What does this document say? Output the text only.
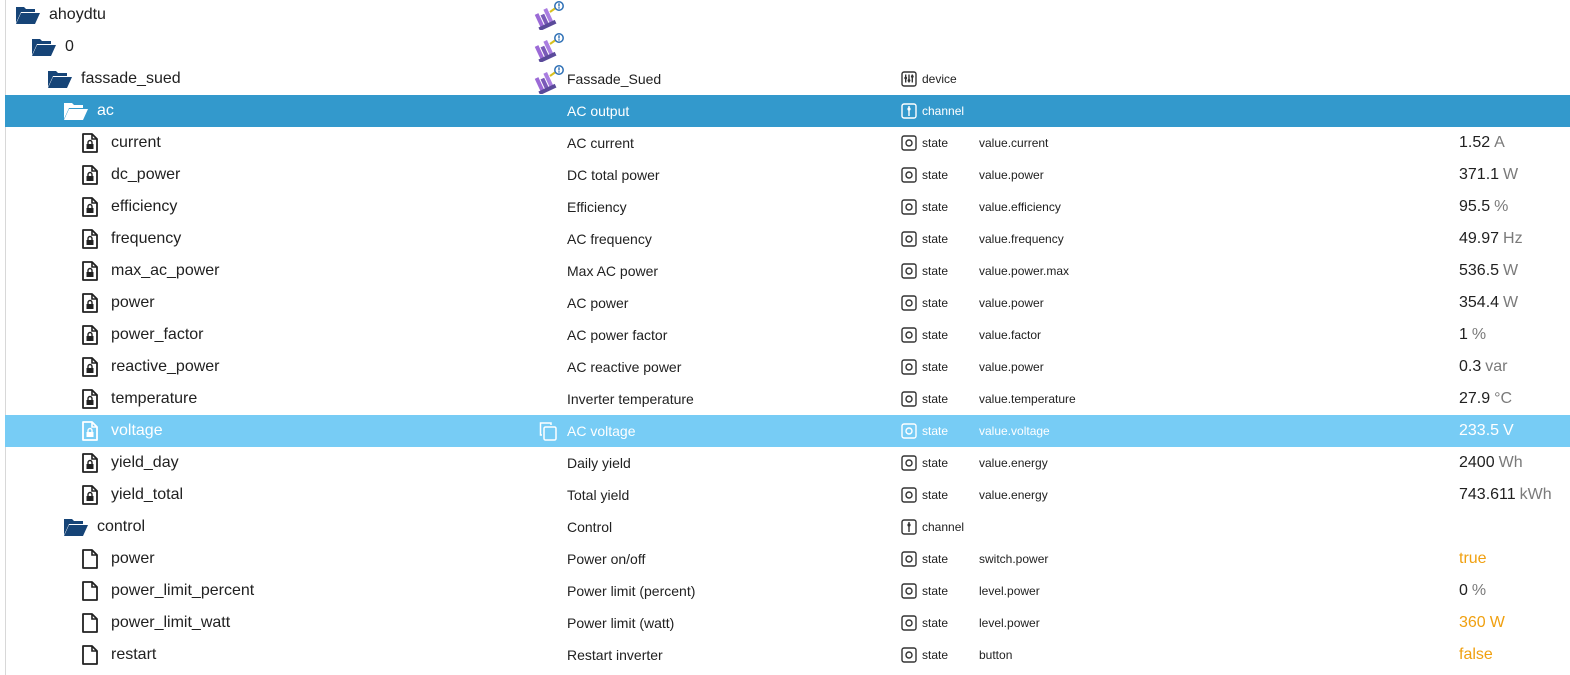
ahoydtu
0
fassade_sued	Fassade_Sued	device
ac	AC output	channel
current	AC current	state	value.current	1.52 A
dc_power	DC total power	state	value.power	371.1 W
efficiency	Efficiency	state	value.efficiency	95.5 %
frequency	AC frequency	state	value.frequency	49.97 Hz
max_ac_power	Max AC power	state	value.power.max	536.5 W
power	AC power	state	value.power	354.4 W
power_factor	AC power factor	state	value.factor	1 %
reactive_power	AC reactive power	state	value.power	0.3 var
temperature	Inverter temperature	state	value.temperature	27.9 °C
voltage	AC voltage	state	value.voltage	233.5 V
yield_day	Daily yield	state	value.energy	2400 Wh
yield_total	Total yield	state	value.energy	743.611 kWh
control	Control	channel
power	Power on/off	state	switch.power	true
power_limit_percent	Power limit (percent)	state	level.power	0 %
power_limit_watt	Power limit (watt)	state	level.power	360 W
restart	Restart inverter	state	button	false
